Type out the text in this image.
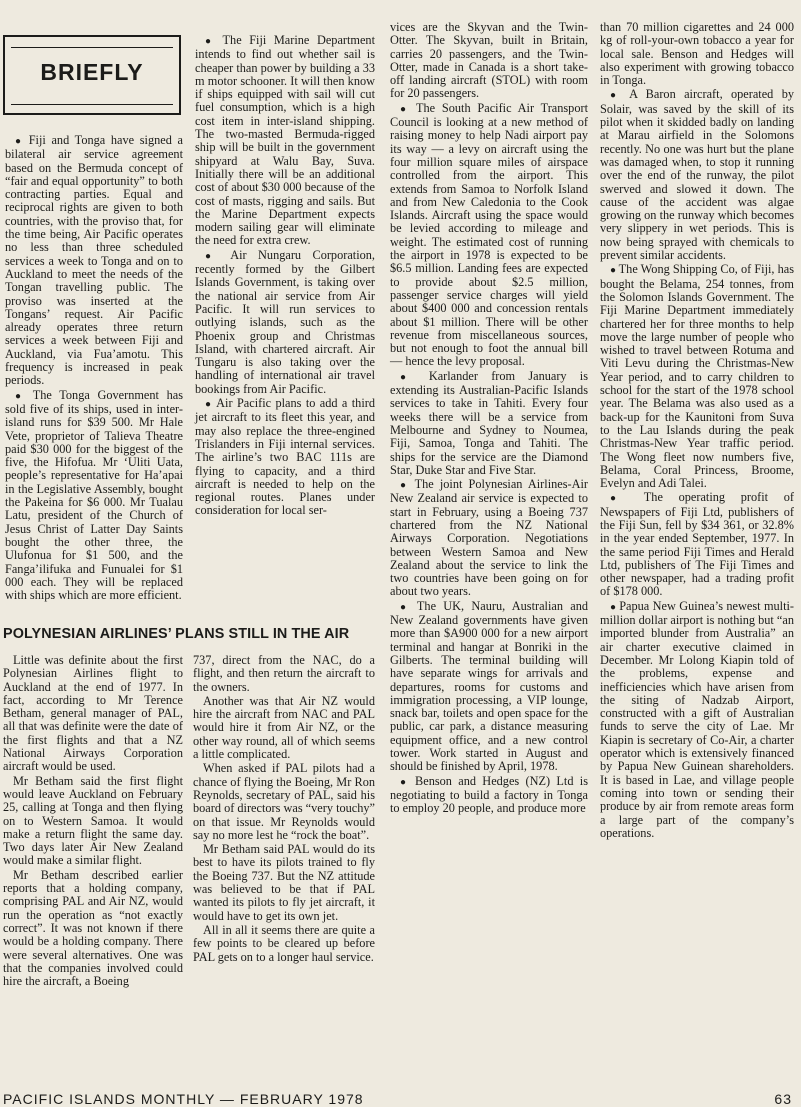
BRIEFLY

● Fiji and Tonga have signed a bilateral air service agreement based on the Bermuda concept of “fair and equal opportunity” to both contracting parties. Equal and reciprocal rights are given to both countries, with the proviso that, for the time being, Air Pacific operates no less than three scheduled services a week to Tonga and on to Auckland to meet the needs of the Tongan travelling public. The proviso was inserted at the Tongans’ request. Air Pacific already operates three return services a week between Fiji and Auckland, via Fua’amotu. This frequency is increased in peak periods.

● The Tonga Government has sold five of its ships, used in inter-island runs for $39 500. Mr Hale Vete, proprietor of Talieva Theatre paid $30 000 for the biggest of the five, the Hifofua. Mr ‘Uliti Uata, people’s representative for Ha’apai in the Legislative Assembly, bought the Pakeina for $6 000. Mr Tualau Latu, president of the Church of Jesus Christ of Latter Day Saints bought the other three, the Ulufonua for $1 500, and the Fanga’ilifuka and Funualei for $1 000 each. They will be replaced with ships which are more efficient.

● The Fiji Marine Department intends to find out whether sail is cheaper than power by building a 33 m motor schooner. It will then know if ships equipped with sail will cut fuel consumption, which is a high cost item in inter-island shipping. The two-masted Bermuda-rigged ship will be built in the government shipyard at Walu Bay, Suva. Initially there will be an additional cost of about $30 000 because of the cost of masts, rigging and sails. But the Marine Department expects modern sailing gear will eliminate the need for extra crew.

● Air Nungaru Corporation, recently formed by the Gilbert Islands Government, is taking over the national air service from Air Pacific. It will run services to outlying islands, such as the Phoenix group and Christmas Island, with chartered aircraft. Air Tungaru is also taking over the handling of international air travel bookings from Air Pacific.

● Air Pacific plans to add a third jet aircraft to its fleet this year, and may also replace the three-engined Trislanders in Fiji internal services. The airline’s two BAC 111s are flying to capacity, and a third aircraft is needed to help on the regional routes. Planes under consideration for local ser-

vices are the Skyvan and the Twin-Otter. The Skyvan, built in Britain, carries 20 passengers, and the Twin-Otter, made in Canada is a short take-off landing aircraft (STOL) with room for 20 passengers.

● The South Pacific Air Transport Council is looking at a new method of raising money to help Nadi airport pay its way — a levy on aircraft using the four million square miles of airspace controlled from the airport. This extends from Samoa to Norfolk Island and from New Caledonia to the Cook Islands. Aircraft using the space would be levied according to mileage and weight. The estimated cost of running the airport in 1978 is expected to be $6.5 million. Landing fees are expected to provide about $2.5 million, passenger service charges will yield about $400 000 and concession rentals about $1 million. There will be other revenue from miscellaneous sources, but not enough to foot the annual bill — hence the levy proposal.

● Karlander from January is extending its Australian-Pacific Islands services to take in Tahiti. Every four weeks there will be a service from Melbourne and Sydney to Noumea, Fiji, Samoa, Tonga and Tahiti. The ships for the service are the Diamond Star, Duke Star and Five Star.

● The joint Polynesian Airlines-Air New Zealand air service is expected to start in February, using a Boeing 737 chartered from the NZ National Airways Corporation. Negotiations between Western Samoa and New Zealand about the service to link the two countries have been going on for about two years.

● The UK, Nauru, Australian and New Zealand governments have given more than $A900 000 for a new airport terminal and hangar at Bonriki in the Gilberts. The terminal building will have separate wings for arrivals and departures, rooms for customs and immigration processing, a VIP lounge, snack bar, toilets and open space for the public, car park, a distance measuring equipment office, and a new control tower. Work started in August and should be finished by April, 1978.

● Benson and Hedges (NZ) Ltd is negotiating to build a factory in Tonga to employ 20 people, and produce more

than 70 million cigarettes and 24 000 kg of roll-your-own tobacco a year for local sale. Benson and Hedges will also experiment with growing tobacco in Tonga.

● A Baron aircraft, operated by Solair, was saved by the skill of its pilot when it skidded badly on landing at Marau airfield in the Solomons recently. No one was hurt but the plane was damaged when, to stop it running over the end of the runway, the pilot swerved and slowed it down. The cause of the accident was algae growing on the runway which becomes very slippery in wet periods. This is now being sprayed with chemicals to prevent similar accidents.

● The Wong Shipping Co, of Fiji, has bought the Belama, 254 tonnes, from the Solomon Islands Government. The Fiji Marine Department immediately chartered her for three months to help move the large number of people who wished to travel between Rotuma and Viti Levu during the Christmas-New Year period, and to carry children to school for the start of the 1978 school year. The Belama was also used as a back-up for the Kaunitoni from Suva to the Lau Islands during the peak Christmas-New Year traffic period. The Wong fleet now numbers five, Belama, Coral Princess, Broome, Evelyn and Adi Talei.

● The operating profit of Newspapers of Fiji Ltd, publishers of the Fiji Sun, fell by $34 361, or 32.8% in the year ended September, 1977. In the same period Fiji Times and Herald Ltd, publishers of The Fiji Times and other newspaper, had a trading profit of $178 000.

● Papua New Guinea’s newest multi-million dollar airport is nothing but “an imported blunder from Australia” an air charter executive claimed in December. Mr Lolong Kiapin told of the problems, expense and inefficiencies which have arisen from the siting of Nadzab Airport, constructed with a gift of Australian funds to serve the city of Lae. Mr Kiapin is secretary of Co-Air, a charter operator which is extensively financed by Papua New Guinean shareholders. It is based in Lae, and village people coming into town or sending their produce by air from remote areas form a large part of the company’s operations.

POLYNESIAN AIRLINES’ PLANS STILL IN THE AIR

Little was definite about the first Polynesian Airlines flight to Auckland at the end of 1977. In fact, according to Mr Terence Betham, general manager of PAL, all that was definite were the date of the first flights and that a NZ National Airways Corporation aircraft would be used.

Mr Betham said the first flight would leave Auckland on February 25, calling at Tonga and then flying on to Western Samoa. It would make a return flight the same day. Two days later Air New Zealand would make a similar flight.

Mr Betham described earlier reports that a holding company, comprising PAL and Air NZ, would run the operation as “not exactly correct”. It was not known if there would be a holding company. There were several alternatives. One was that the companies involved could hire the aircraft, a Boeing

737, direct from the NAC, do a flight, and then return the aircraft to the owners.

Another was that Air NZ would hire the aircraft from NAC and PAL would hire it from Air NZ, or the other way round, all of which seems a little complicated.

When asked if PAL pilots had a chance of flying the Boeing, Mr Ron Reynolds, secretary of PAL, said his board of directors was “very touchy” on that issue. Mr Reynolds would say no more lest he “rock the boat”.

Mr Betham said PAL would do its best to have its pilots trained to fly the Boeing 737. But the NZ attitude was believed to be that if PAL wanted its pilots to fly jet aircraft, it would have to get its own jet.

All in all it seems there are quite a few points to be cleared up before PAL gets on to a longer haul service.

PACIFIC ISLANDS MONTHLY — FEBRUARY 1978	63
